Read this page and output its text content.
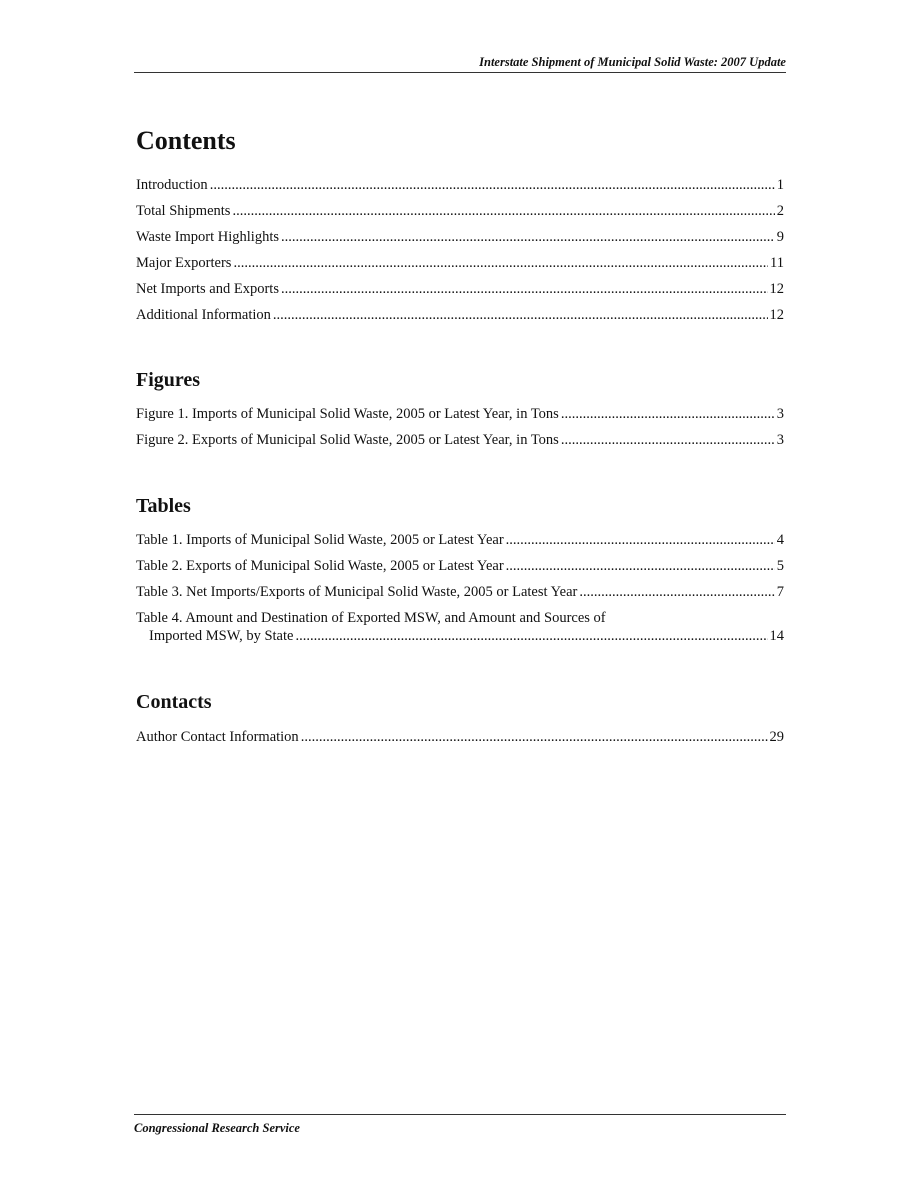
Interstate Shipment of Municipal Solid Waste: 2007 Update
Contents
Introduction .....	1
Total Shipments .....	2
Waste Import Highlights .....	9
Major Exporters .....	11
Net Imports and Exports .....	12
Additional Information .....	12
Figures
Figure 1. Imports of Municipal Solid Waste, 2005 or Latest Year, in Tons .....	3
Figure 2. Exports of Municipal Solid Waste, 2005 or Latest Year, in Tons .....	3
Tables
Table 1. Imports of Municipal Solid Waste, 2005 or Latest Year .....	4
Table 2. Exports of Municipal Solid Waste, 2005 or Latest Year .....	5
Table 3. Net Imports/Exports of Municipal Solid Waste, 2005 or Latest Year .....	7
Table 4. Amount and Destination of Exported MSW, and Amount and Sources of
Imported MSW, by State .....	14
Contacts
Author Contact Information .....	29
Congressional Research Service
